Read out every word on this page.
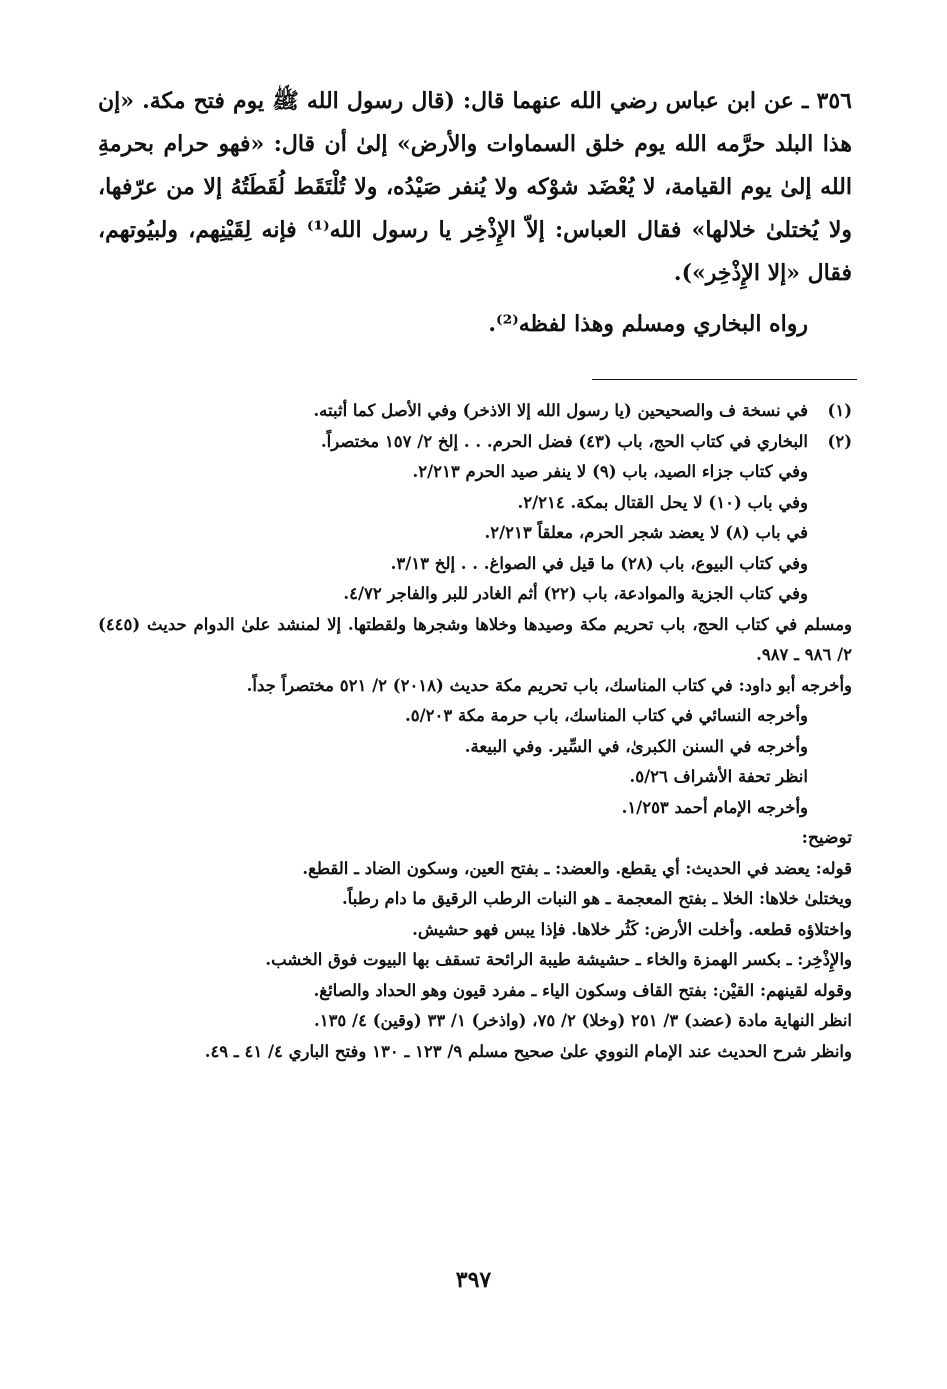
٣٥٦ ـ عن ابن عباس رضي الله عنهما قال: (قال رسول الله ﷺ يوم فتح مكة. «إن هذا البلد حرَّمه الله يوم خلق السماوات والأرض» إلىٰ أن قال: «فهو حرام بحرمةِ الله إلىٰ يوم القيامة، لا يُعْضَد شوْكه ولا يُنفر صَيْدُه، ولا تُلْتَقَط لُقَطَتُهُ إلا من عرّفها، ولا يُختلىٰ خلالها» فقال العباس: إلاّ الإِذْخِر يا رسول الله⁽¹⁾ فإنه لِقَيْنِهم، ولبيُوتهم، فقال «إلا الإِذْخِر»).

رواه البخاري ومسلم وهذا لفظه⁽²⁾.

(١)في نسخة ف والصحيحين (يا رسول الله إلا الاذخر) وفي الأصل كما أثبته.
(٢)البخاري في كتاب الحج، باب (٤٣) فضل الحرم. . . إلخ ٢/ ١٥٧ مختصراً.
وفي كتاب جزاء الصيد، باب (٩) لا ينفر صيد الحرم ٢/٢١٣.
وفي باب (١٠) لا يحل القتال بمكة. ٢/٢١٤.
في باب (٨) لا يعضد شجر الحرم، معلقاً ٢/٢١٣.
وفي كتاب البيوع، باب (٢٨) ما قيل في الصواغ. . . إلخ ٣/١٣.
وفي كتاب الجزية والموادعة، باب (٢٢) أثم الغادر للبر والفاجر ٤/٧٢.
ومسلم في كتاب الحج، باب تحريم مكة وصيدها وخلاها وشجرها ولقطتها. إلا لمنشد علىٰ الدوام حديث (٤٤٥) ٢/ ٩٨٦ ـ ٩٨٧.
وأخرجه أبو داود: في كتاب المناسك، باب تحريم مكة حديث (٢٠١٨) ٢/ ٥٢١ مختصراً جداً.
وأخرجه النسائي في كتاب المناسك، باب حرمة مكة ٥/٢٠٣.
وأخرجه في السنن الكبرىٰ، في السِّير. وفي البيعة.
انظر تحفة الأشراف ٥/٢٦.
وأخرجه الإمام أحمد ١/٢٥٣.
توضيح:
قوله: يعضد في الحديث: أي يقطع. والعضد: ـ بفتح العين، وسكون الضاد ـ القطع.
ويختلىٰ خلاها: الخلا ـ بفتح المعجمة ـ هو النبات الرطب الرقيق ما دام رطباً.
واختلاؤه قطعه. وأخلت الأرض: كَثُر خلاها. فإذا يبس فهو حشيش.
والإِذْخِر: ـ بكسر الهمزة والخاء ـ حشيشة طيبة الرائحة تسقف بها البيوت فوق الخشب.
وقوله لقينهم: القيْن: بفتح القاف وسكون الياء ـ مفرد قيون وهو الحداد والصائغ.
انظر النهاية مادة (عضد) ٣/ ٢٥١ (وخلا) ٢/ ٧٥، (واذخر) ١/ ٣٣ (وقين) ٤/ ١٣٥.
وانظر شرح الحديث عند الإمام النووي علىٰ صحيح مسلم ٩/ ١٢٣ ـ ١٣٠ وفتح الباري ٤/ ٤١ ـ ٤٩.
٣٩٧
